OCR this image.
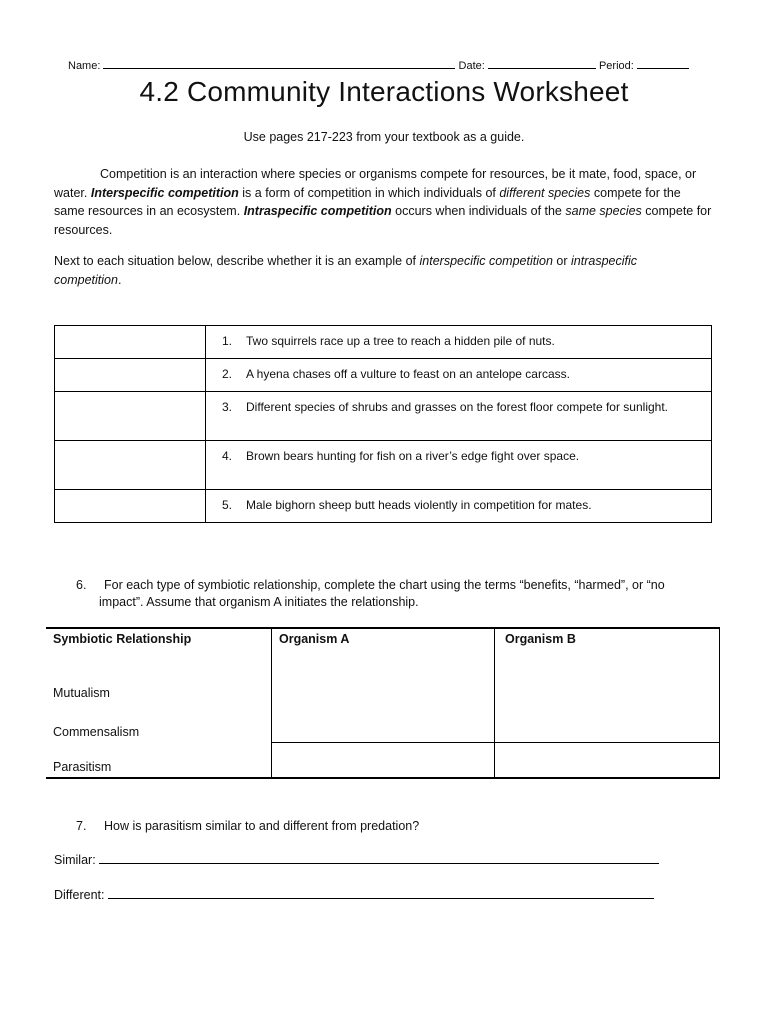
Name:	Date:	Period:
4.2 Community Interactions Worksheet
Use pages 217-223 from your textbook as a guide.

Competition is an interaction where species or organisms compete for resources, be it mate, food, space, or water. Interspecific competition is a form of competition in which individuals of different species compete for the same resources in an ecosystem. Intraspecific competition occurs when individuals of the same species compete for resources.

Next to each situation below, describe whether it is an example of interspecific competition or intraspecific competition.

	1. Two squirrels race up a tree to reach a hidden pile of nuts.
	2. A hyena chases off a vulture to feast on an antelope carcass.
	3. Different species of shrubs and grasses on the forest floor compete for sunlight.
	4. Brown bears hunting for fish on a river’s edge fight over space.
	5. Male bighorn sheep butt heads violently in competition for mates.
6. For each type of symbiotic relationship, complete the chart using the terms “benefits, “harmed”, or “no
impact”. Assume that organism A initiates the relationship.
Symbiotic Relationship	Organism A	Organism B
Mutualism
Commensalism
Parasitism
7. How is parasitism similar to and different from predation?
Similar:
Different:
